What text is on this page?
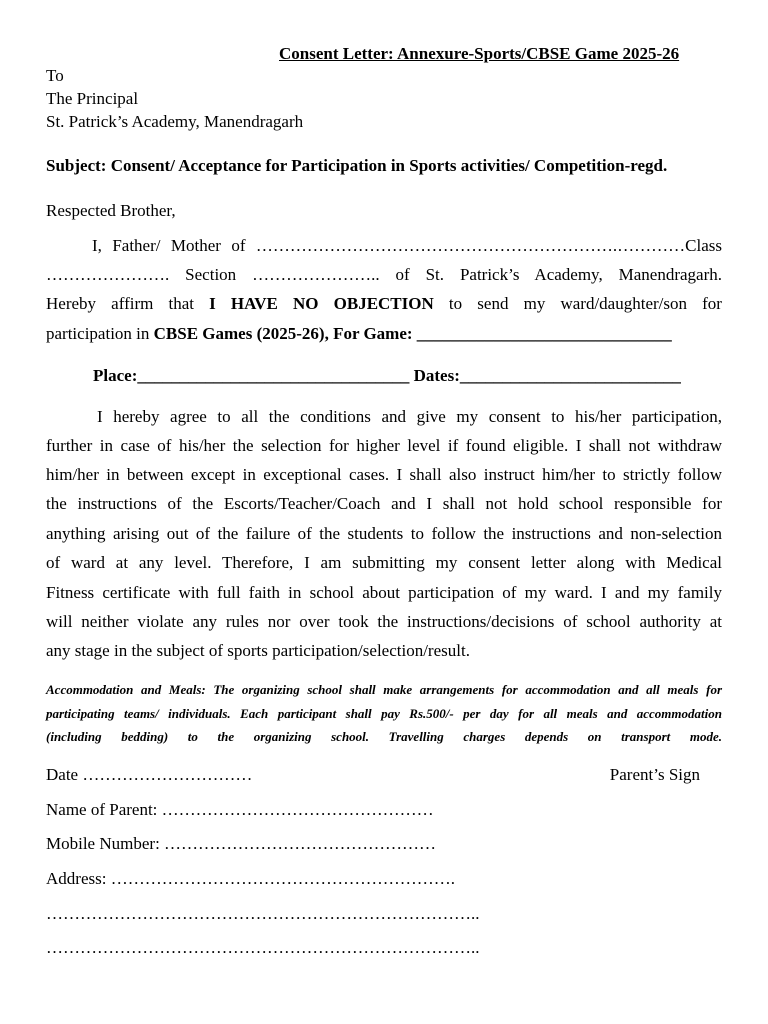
Consent Letter: Annexure-Sports/CBSE Game 2025-26
To
The Principal
St. Patrick’s Academy, Manendragarh
Subject: Consent/ Acceptance for Participation in Sports activities/ Competition-regd.
Respected Brother,
I, Father/ Mother of ……………………………………………………….…………Class
…………………. Section ………………….. of St. Patrick’s Academy, Manendragarh.
Hereby affirm that I HAVE NO OBJECTION to send my ward/daughter/son for
participation in CBSE Games (2025-26), For Game: ______________________________
Place:________________________________ Dates:__________________________
I hereby agree to all the conditions and give my consent to his/her participation,
further in case of his/her the selection for higher level if found eligible. I shall not withdraw
him/her in between except in exceptional cases. I shall also instruct him/her to strictly follow
the instructions of the Escorts/Teacher/Coach and I shall not hold school responsible for
anything arising out of the failure of the students to follow the instructions and non-selection
of ward at any level. Therefore, I am submitting my consent letter along with Medical
Fitness certificate with full faith in school about participation of my ward. I and my family
will neither violate any rules nor over took the instructions/decisions of school authority at
any stage in the subject of sports participation/selection/result.
Accommodation and Meals: The organizing school shall make arrangements for accommodation and all meals for
participating teams/ individuals. Each participant shall pay Rs.500/- per day for all meals and accommodation
(including bedding) to the organizing school. Travelling charges depends on transport mode.
Date …………………………	Parent’s Sign
Name of Parent: …………………………………………
Mobile Number: …………………………………………
Address: …………………………………………………….
…………………………………………………………………..
…………………………………………………………………..
